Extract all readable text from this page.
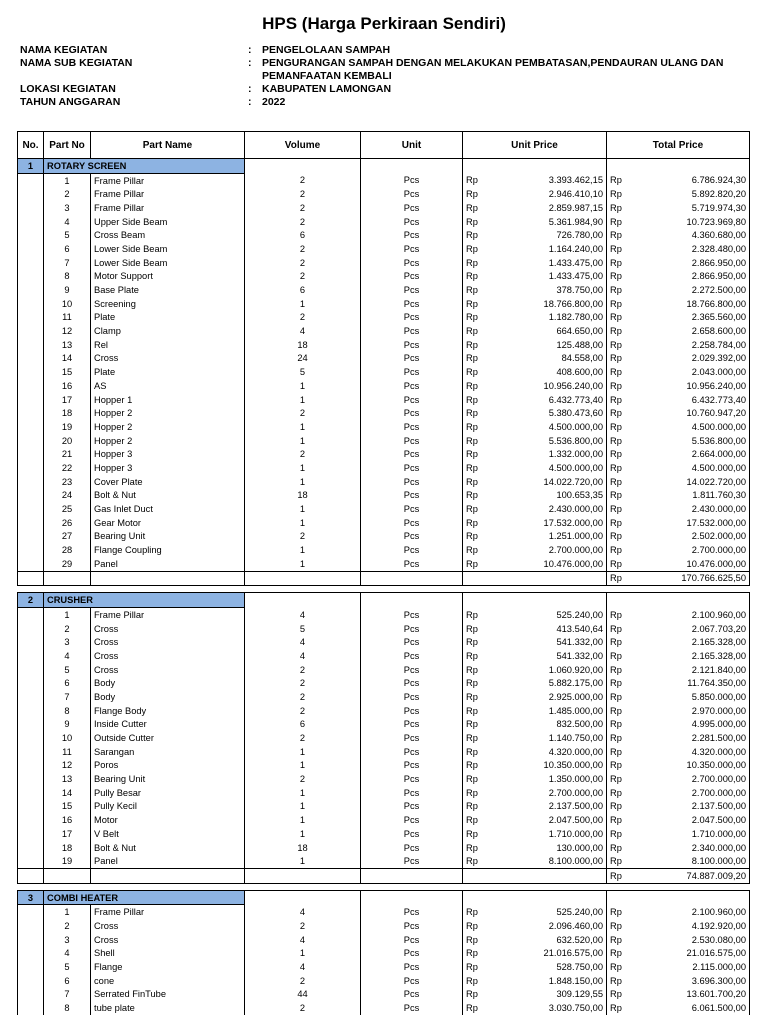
HPS (Harga Perkiraan Sendiri)
NAMA KEGIATAN	:	PENGELOLAAN SAMPAH
NAMA SUB KEGIATAN	:	PENGURANGAN SAMPAH DENGAN MELAKUKAN PEMBATASAN,PENDAURAN ULANG DAN
PEMANFAATAN KEMBALI
LOKASI KEGIATAN	:	KABUPATEN LAMONGAN
TAHUN ANGGARAN	:	2022
No.	Part No	Part Name	Volume	Unit	Unit Price	Total Price
1	ROTARY SCREEN					
	1	Frame Pillar	2	Pcs	Rp 3.393.462,15	Rp 6.786.924,30

	2	Frame Pillar	2	Pcs	Rp 2.946.410,10	Rp 5.892.820,20

	3	Frame Pillar	2	Pcs	Rp 2.859.987,15	Rp 5.719.974,30

	4	Upper Side Beam	2	Pcs	Rp 5.361.984,90	Rp 10.723.969,80

	5	Cross Beam	6	Pcs	Rp 726.780,00	Rp 4.360.680,00

	6	Lower Side Beam	2	Pcs	Rp 1.164.240,00	Rp 2.328.480,00

	7	Lower Side Beam	2	Pcs	Rp 1.433.475,00	Rp 2.866.950,00

	8	Motor Support	2	Pcs	Rp 1.433.475,00	Rp 2.866.950,00

	9	Base Plate	6	Pcs	Rp 378.750,00	Rp 2.272.500,00

	10	Screening	1	Pcs	Rp 18.766.800,00	Rp 18.766.800,00

	11	Plate	2	Pcs	Rp 1.182.780,00	Rp 2.365.560,00

	12	Clamp	4	Pcs	Rp 664.650,00	Rp 2.658.600,00

	13	Rel	18	Pcs	Rp 125.488,00	Rp 2.258.784,00

	14	Cross	24	Pcs	Rp 84.558,00	Rp 2.029.392,00

	15	Plate	5	Pcs	Rp 408.600,00	Rp 2.043.000,00

	16	AS	1	Pcs	Rp 10.956.240,00	Rp 10.956.240,00

	17	Hopper 1	1	Pcs	Rp 6.432.773,40	Rp 6.432.773,40

	18	Hopper 2	2	Pcs	Rp 5.380.473,60	Rp 10.760.947,20

	19	Hopper 2	1	Pcs	Rp 4.500.000,00	Rp 4.500.000,00

	20	Hopper 2	1	Pcs	Rp 5.536.800,00	Rp 5.536.800,00

	21	Hopper 3	2	Pcs	Rp 1.332.000,00	Rp 2.664.000,00

	22	Hopper 3	1	Pcs	Rp 4.500.000,00	Rp 4.500.000,00

	23	Cover Plate	1	Pcs	Rp 14.022.720,00	Rp 14.022.720,00

	24	Bolt & Nut	18	Pcs	Rp 100.653,35	Rp 1.811.760,30

	25	Gas Inlet Duct	1	Pcs	Rp 2.430.000,00	Rp 2.430.000,00

	26	Gear Motor	1	Pcs	Rp 17.532.000,00	Rp 17.532.000,00

	27	Bearing Unit	2	Pcs	Rp 1.251.000,00	Rp 2.502.000,00

	28	Flange Coupling	1	Pcs	Rp 2.700.000,00	Rp 2.700.000,00

	29	Panel	1	Pcs	Rp 10.476.000,00	Rp 10.476.000,00

						Rp 170.766.625,50

2	CRUSHER					
	1	Frame Pillar	4	Pcs	Rp 525.240,00	Rp 2.100.960,00

	2	Cross	5	Pcs	Rp 413.540,64	Rp 2.067.703,20

	3	Cross	4	Pcs	Rp 541.332,00	Rp 2.165.328,00

	4	Cross	4	Pcs	Rp 541.332,00	Rp 2.165.328,00

	5	Cross	2	Pcs	Rp 1.060.920,00	Rp 2.121.840,00

	6	Body	2	Pcs	Rp 5.882.175,00	Rp 11.764.350,00

	7	Body	2	Pcs	Rp 2.925.000,00	Rp 5.850.000,00

	8	Flange Body	2	Pcs	Rp 1.485.000,00	Rp 2.970.000,00

	9	Inside Cutter	6	Pcs	Rp 832.500,00	Rp 4.995.000,00

	10	Outside Cutter	2	Pcs	Rp 1.140.750,00	Rp 2.281.500,00

	11	Sarangan	1	Pcs	Rp 4.320.000,00	Rp 4.320.000,00

	12	Poros	1	Pcs	Rp 10.350.000,00	Rp 10.350.000,00

	13	Bearing Unit	2	Pcs	Rp 1.350.000,00	Rp 2.700.000,00

	14	Pully Besar	1	Pcs	Rp 2.700.000,00	Rp 2.700.000,00

	15	Pully Kecil	1	Pcs	Rp 2.137.500,00	Rp 2.137.500,00

	16	Motor	1	Pcs	Rp 2.047.500,00	Rp 2.047.500,00

	17	V Belt	1	Pcs	Rp 1.710.000,00	Rp 1.710.000,00

	18	Bolt & Nut	18	Pcs	Rp 130.000,00	Rp 2.340.000,00

	19	Panel	1	Pcs	Rp 8.100.000,00	Rp 8.100.000,00

						Rp 74.887.009,20

3	COMBI HEATER					
	1	Frame Pillar	4	Pcs	Rp 525.240,00	Rp 2.100.960,00

	2	Cross	2	Pcs	Rp 2.096.460,00	Rp 4.192.920,00

	3	Cross	4	Pcs	Rp 632.520,00	Rp 2.530.080,00

	4	Shell	1	Pcs	Rp 21.016.575,00	Rp 21.016.575,00

	5	Flange	4	Pcs	Rp 528.750,00	Rp 2.115.000,00

	6	cone	2	Pcs	Rp 1.848.150,00	Rp 3.696.300,00

	7	Serrated FinTube	44	Pcs	Rp 309.129,55	Rp 13.601.700,20

	8	tube plate	2	Pcs	Rp 3.030.750,00	Rp 6.061.500,00
